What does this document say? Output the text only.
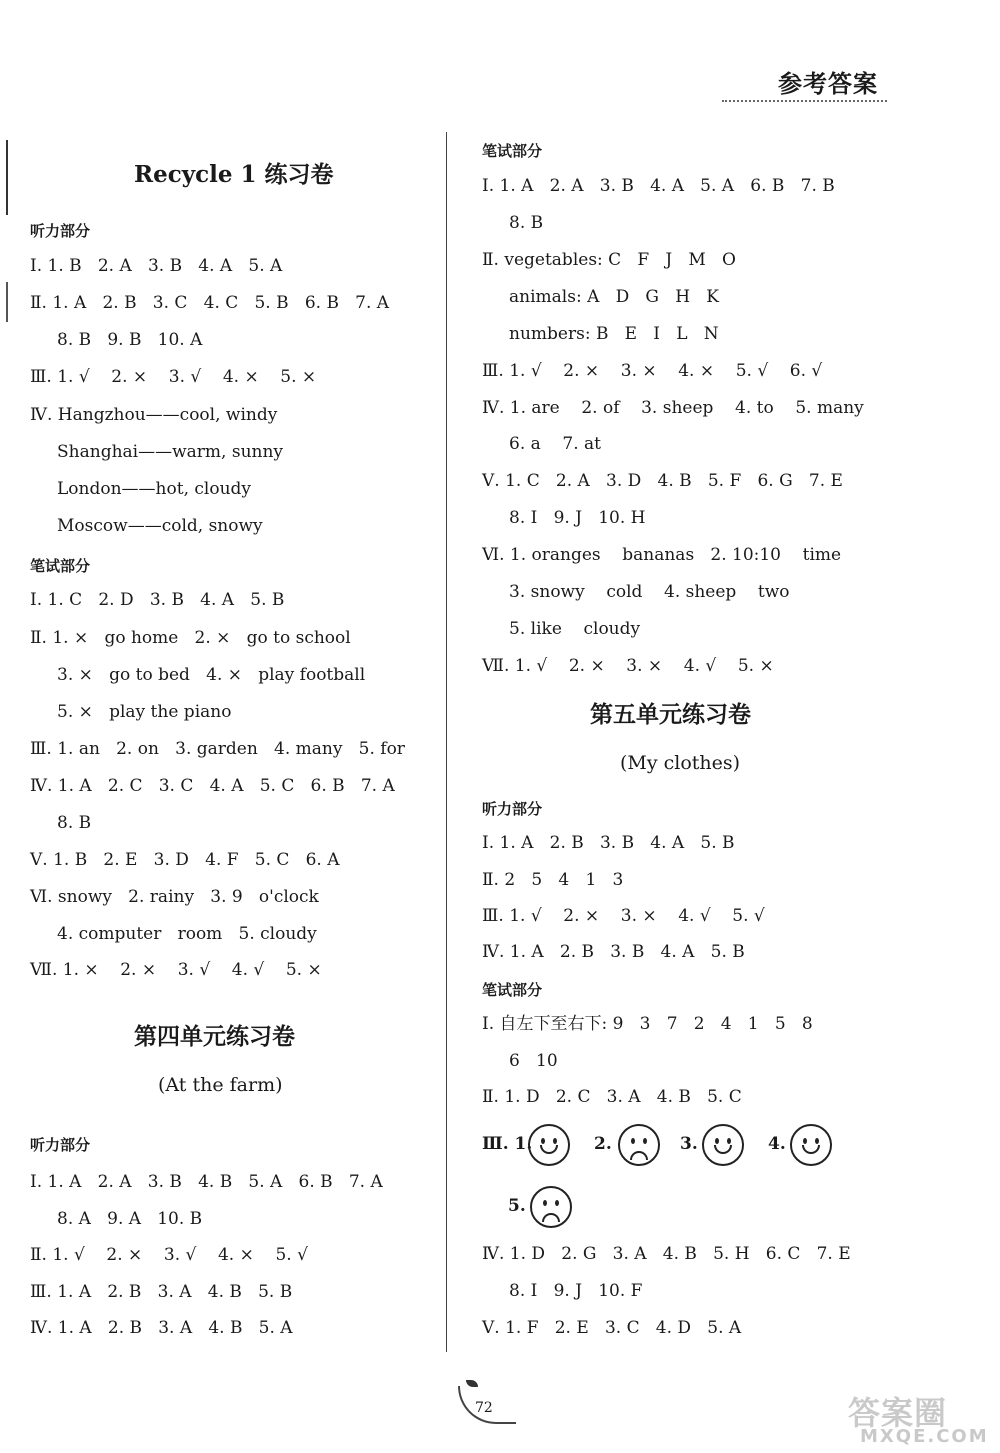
参考答案
Recycle 1 练习卷
听力部分
Ⅰ. 1. B   2. A   3. B   4. A   5. A
Ⅱ. 1. A   2. B   3. C   4. C   5. B   6. B   7. A
8. B   9. B   10. A
Ⅲ. 1. √    2. ×    3. √    4. ×    5. ×
Ⅳ. Hangzhou——cool, windy
Shanghai——warm, sunny
London——hot, cloudy
Moscow——cold, snowy
笔试部分
Ⅰ. 1. C   2. D   3. B   4. A   5. B
Ⅱ. 1. ×   go home   2. ×   go to school
3. ×   go to bed   4. ×   play football
5. ×   play the piano
Ⅲ. 1. an   2. on   3. garden   4. many   5. for
Ⅳ. 1. A   2. C   3. C   4. A   5. C   6. B   7. A
8. B
Ⅴ. 1. B   2. E   3. D   4. F   5. C   6. A
Ⅵ. snowy   2. rainy   3. 9   o'clock
4. computer   room   5. cloudy
Ⅶ. 1. ×    2. ×    3. √    4. √    5. ×
第四单元练习卷
(At the farm)
听力部分
Ⅰ. 1. A   2. A   3. B   4. B   5. A   6. B   7. A
8. A   9. A   10. B
Ⅱ. 1. √    2. ×    3. √    4. ×    5. √
Ⅲ. 1. A   2. B   3. A   4. B   5. B
Ⅳ. 1. A   2. B   3. A   4. B   5. A
笔试部分
Ⅰ. 1. A   2. A   3. B   4. A   5. A   6. B   7. B
8. B
Ⅱ. vegetables: C   F   J   M   O
animals: A   D   G   H   K
numbers: B   E   I   L   N
Ⅲ. 1. √    2. ×    3. ×    4. ×    5. √    6. √
Ⅳ. 1. are    2. of    3. sheep    4. to    5. many
6. a    7. at
Ⅴ. 1. C   2. A   3. D   4. B   5. F   6. G   7. E
8. I   9. J   10. H
Ⅵ. 1. oranges    bananas   2. 10:10    time
3. snowy    cold    4. sheep    two
5. like    cloudy
Ⅶ. 1. √    2. ×    3. ×    4. √    5. ×
第五单元练习卷
(My clothes)
听力部分
Ⅰ. 1. A   2. B   3. B   4. A   5. B
Ⅱ. 2   5   4   1   3
Ⅲ. 1. √    2. ×    3. ×    4. √    5. √
Ⅳ. 1. A   2. B   3. B   4. A   5. B
笔试部分
Ⅰ. 自左下至右下: 9   3   7   2   4   1   5   8
6   10
Ⅱ. 1. D   2. C   3. A   4. B   5. C
Ⅲ. 1.	2.	3.	4.
5.
Ⅳ. 1. D   2. G   3. A   4. B   5. H   6. C   7. E
8. I   9. J   10. F
Ⅴ. 1. F   2. E   3. C   4. D   5. A
72	答案圈
MXQE.COM
